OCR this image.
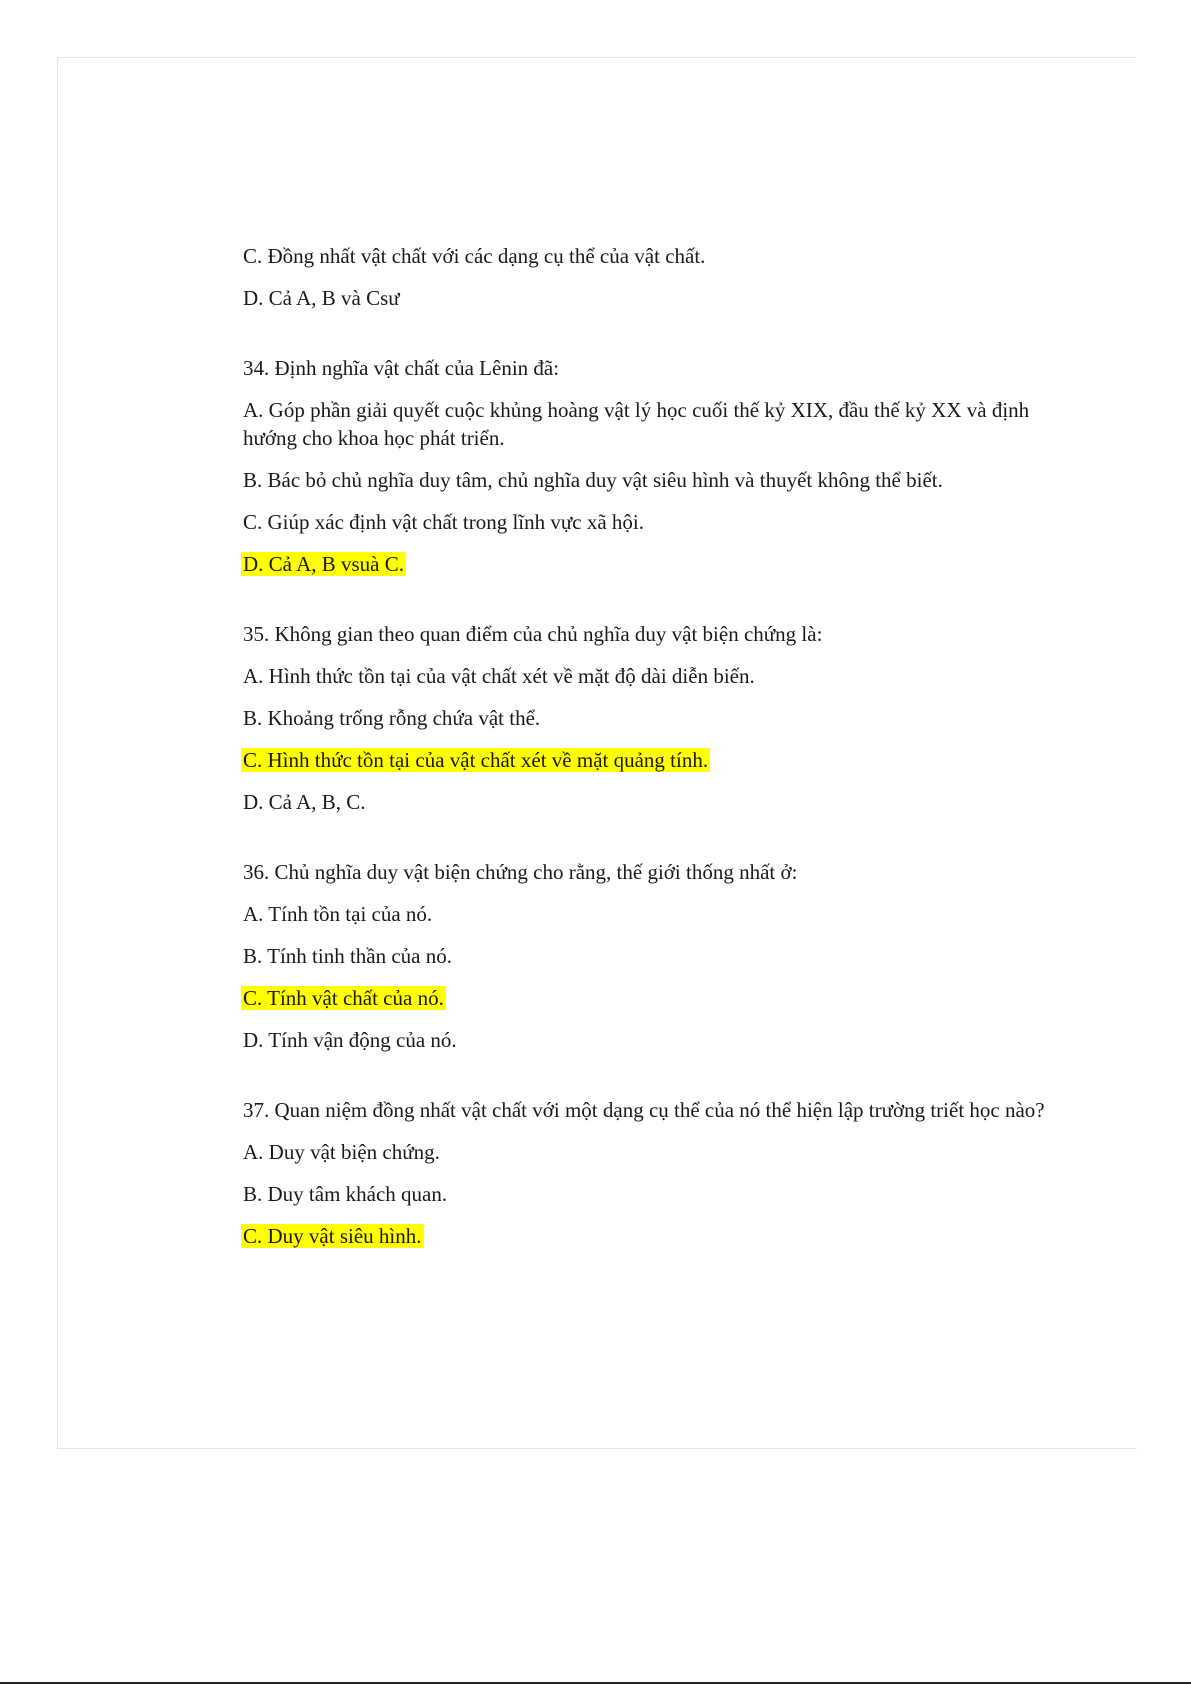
C. Đồng nhất vật chất với các dạng cụ thể của vật chất.
D. Cả A, B và Csư
34. Định nghĩa vật chất của Lênin đã:
A. Góp phần giải quyết cuộc khủng hoàng vật lý học cuối thế kỷ XIX, đầu thế kỷ XX và định hướng cho khoa học phát triển.
B. Bác bỏ chủ nghĩa duy tâm, chủ nghĩa duy vật siêu hình và thuyết không thể biết.
C. Giúp xác định vật chất trong lĩnh vực xã hội.
D. Cả A, B vsuà C.
35. Không gian theo quan điểm của chủ nghĩa duy vật biện chứng là:
A. Hình thức tồn tại của vật chất xét về mặt độ dài diễn biến.
B. Khoảng trống rỗng chứa vật thể.
C. Hình thức tồn tại của vật chất xét về mặt quảng tính.
D. Cả A, B, C.
36. Chủ nghĩa duy vật biện chứng cho rằng, thế giới thống nhất ở:
A. Tính tồn tại của nó.
B. Tính tinh thần của nó.
C. Tính vật chất của nó.
D. Tính vận động của nó.
37. Quan niệm đồng nhất vật chất với một dạng cụ thể của nó thể hiện lập trường triết học nào?
A. Duy vật biện chứng.
B. Duy tâm khách quan.
C. Duy vật siêu hình.
